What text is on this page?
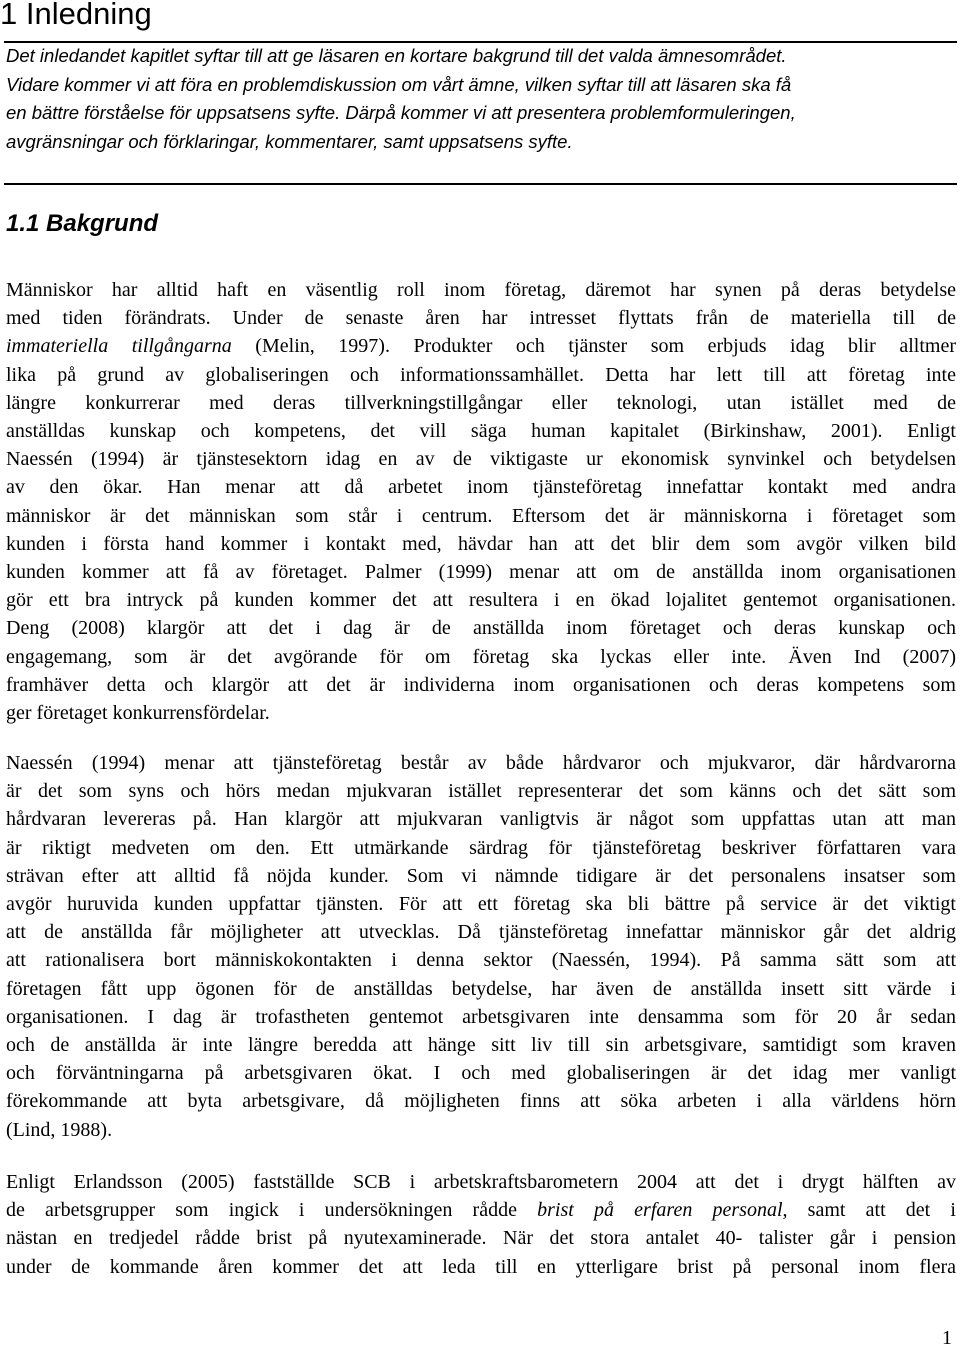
1 Inledning
Det inledandet kapitlet syftar till att ge läsaren en kortare bakgrund till det valda ämnesområdet.
Vidare kommer vi att föra en problemdiskussion om vårt ämne, vilken syftar till att läsaren ska få
en bättre förståelse för uppsatsens syfte. Därpå kommer vi att presentera problemformuleringen,
avgränsningar och förklaringar, kommentarer, samt uppsatsens syfte.
1.1 Bakgrund
Människor har alltid haft en väsentlig roll inom företag, däremot har synen på deras betydelse
med tiden förändrats. Under de senaste åren har intresset flyttats från de materiella till de
immateriella tillgångarna (Melin, 1997). Produkter och tjänster som erbjuds idag blir alltmer
lika på grund av globaliseringen och informationssamhället. Detta har lett till att företag inte
längre konkurrerar med deras tillverkningstillgångar eller teknologi, utan istället med de
anställdas kunskap och kompetens, det vill säga human kapitalet (Birkinshaw, 2001). Enligt
Naessén (1994) är tjänstesektorn idag en av de viktigaste ur ekonomisk synvinkel och betydelsen
av den ökar. Han menar att då arbetet inom tjänsteföretag innefattar kontakt med andra
människor är det människan som står i centrum. Eftersom det är människorna i företaget som
kunden i första hand kommer i kontakt med, hävdar han att det blir dem som avgör vilken bild
kunden kommer att få av företaget. Palmer (1999) menar att om de anställda inom organisationen
gör ett bra intryck på kunden kommer det att resultera i en ökad lojalitet gentemot organisationen.
Deng (2008) klargör att det i dag är de anställda inom företaget och deras kunskap och
engagemang, som är det avgörande för om företag ska lyckas eller inte. Även Ind (2007)
framhäver detta och klargör att det är individerna inom organisationen och deras kompetens som
ger företaget konkurrensfördelar.
Naessén (1994) menar att tjänsteföretag består av både hårdvaror och mjukvaror, där hårdvarorna
är det som syns och hörs medan mjukvaran istället representerar det som känns och det sätt som
hårdvaran levereras på. Han klargör att mjukvaran vanligtvis är något som uppfattas utan att man
är riktigt medveten om den. Ett utmärkande särdrag för tjänsteföretag beskriver författaren vara
strävan efter att alltid få nöjda kunder. Som vi nämnde tidigare är det personalens insatser som
avgör huruvida kunden uppfattar tjänsten. För att ett företag ska bli bättre på service är det viktigt
att de anställda får möjligheter att utvecklas. Då tjänsteföretag innefattar människor går det aldrig
att rationalisera bort människokontakten i denna sektor (Naessén, 1994). På samma sätt som att
företagen fått upp ögonen för de anställdas betydelse, har även de anställda insett sitt värde i
organisationen. I dag är trofastheten gentemot arbetsgivaren inte densamma som för 20 år sedan
och de anställda är inte längre beredda att hänge sitt liv till sin arbetsgivare, samtidigt som kraven
och förväntningarna på arbetsgivaren ökat. I och med globaliseringen är det idag mer vanligt
förekommande att byta arbetsgivare, då möjligheten finns att söka arbeten i alla världens hörn
(Lind, 1988).
Enligt Erlandsson (2005) fastställde SCB i arbetskraftsbarometern 2004 att det i drygt hälften av
de arbetsgrupper som ingick i undersökningen rådde brist på erfaren personal, samt att det i
nästan en tredjedel rådde brist på nyutexaminerade. När det stora antalet 40- talister går i pension
under de kommande åren kommer det att leda till en ytterligare brist på personal inom flera
1
